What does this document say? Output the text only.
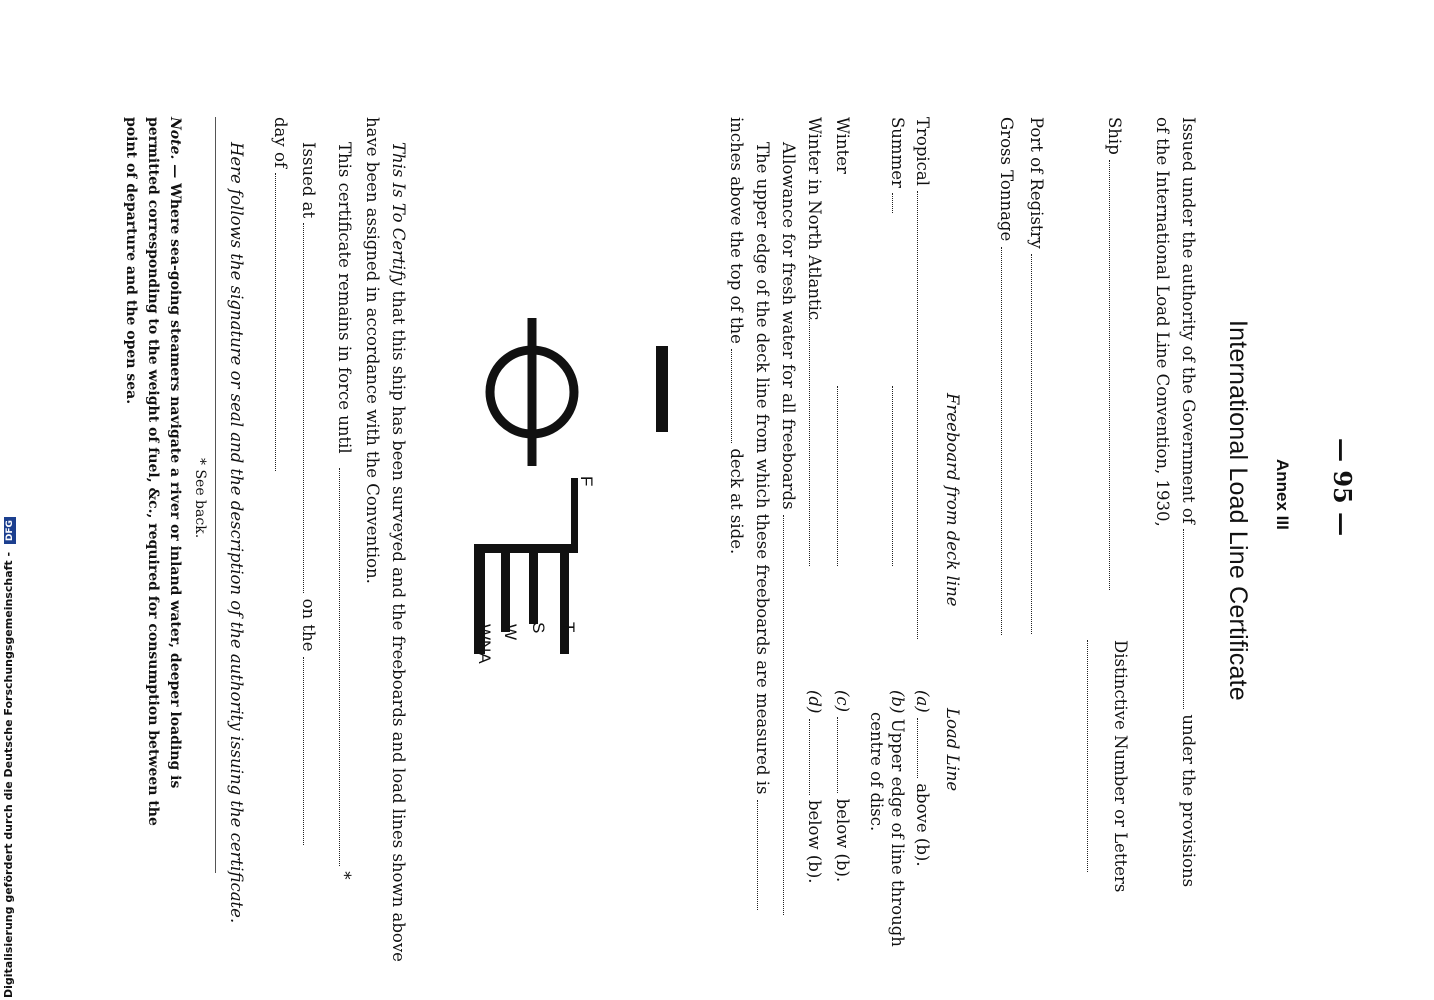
— 95 —
Annex III
International Load Line Certificate
Issued under the authority of the Government of  under the provisions
of the International Load Line Convention, 1930,
Ship
Distinctive Number or Letters
Port of Registry
Gross Tonnage
Freeboard from deck line
Load Line
Tropical
(a)  above (b).
Summer
(b) Upper edge of line through
centre of disc.
Winter
(c)  below (b).
Winter in North Atlantic
(d)  below (b).
Allowance for fresh water for all freeboards
The upper edge of the deck line from which these freeboards are measured is
inches above the top of the  deck at side.
F
T
S
W
WNA
This Is To Certify that this ship has been surveyed and the freeboards and load lines shown above
have been assigned in accordance with the Convention.
This certificate remains in force until
*
Issued at  on the
day of
Here follows the signature or seal and the description of the authority issuing the certificate.
* See back.
Note. — Where sea-going steamers navigate a river or inland water, deeper loading is permitted corresponding to the weight of fuel, &c., required for consumption between the point of departure and the open sea.
Digitalisierung gefördert durch die Deutsche Forschungsgemeinschaft - DFG
